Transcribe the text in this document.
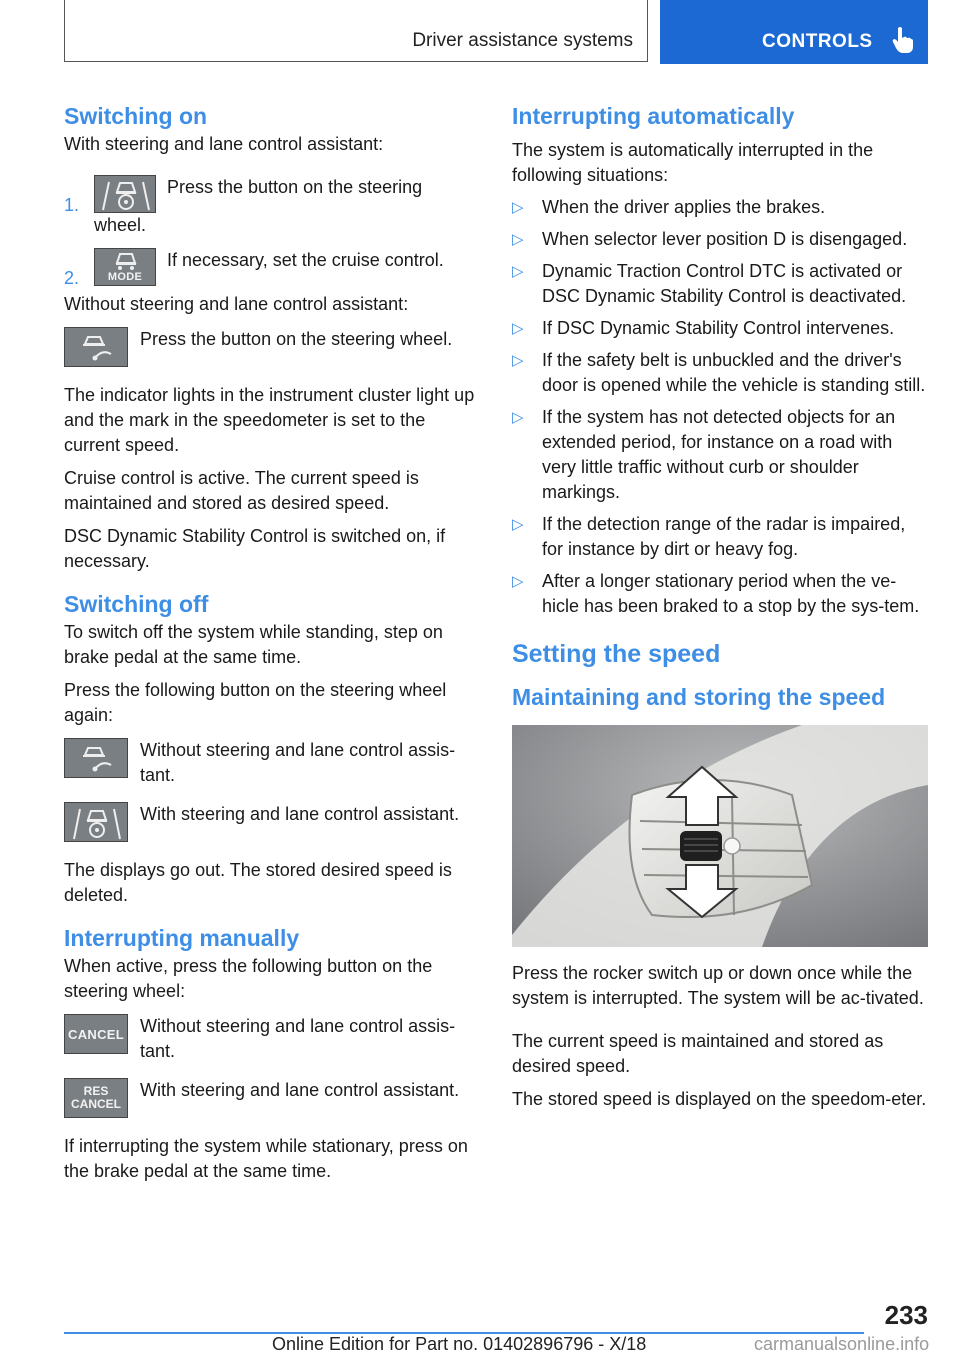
Driver assistance systems	CONTROLS
Switching on

With steering and lane control assistant:

1.
Press the button on the steering wheel.
2.	MODE
If necessary, set the cruise control.

Without steering and lane control assistant:

Press the button on the steering wheel.

The indicator lights in the instrument cluster light up and the mark in the speedometer is set to the current speed.

Cruise control is active. The current speed is maintained and stored as desired speed.

DSC Dynamic Stability Control is switched on, if necessary.

Switching off

To switch off the system while standing, step on brake pedal at the same time.

Press the following button on the steering wheel again:

Without steering and lane control assis‐tant.

With steering and lane control assistant.

The displays go out. The stored desired speed is deleted.

Interrupting manually

When active, press the following button on the steering wheel:

CANCEL Without steering and lane control assis‐tant.

RES
CANCEL

With steering and lane control assistant.

If interrupting the system while stationary, press on the brake pedal at the same time.

Interrupting automatically

The system is automatically interrupted in the following situations:

▷ When the driver applies the brakes.

▷ When selector lever position D is disengaged.

▷ Dynamic Traction Control DTC is activated or DSC Dynamic Stability Control is deactivated.

▷ If DSC Dynamic Stability Control intervenes.

▷ If the safety belt is unbuckled and the driver's door is opened while the vehicle is standing still.

▷ If the system has not detected objects for an extended period, for instance on a road with very little traffic without curb or shoulder markings.

▷ If the detection range of the radar is impaired, for instance by dirt or heavy fog.

▷ After a longer stationary period when the ve‐hicle has been braked to a stop by the sys‐tem.

Setting the speed
Maintaining and storing the speed

Press the rocker switch up or down once while the system is interrupted. The system will be ac‐tivated.

The current speed is maintained and stored as desired speed.

The stored speed is displayed on the speedom‐eter.

233
Online Edition for Part no. 01402896796 - X/18	carmanualsonline.info
